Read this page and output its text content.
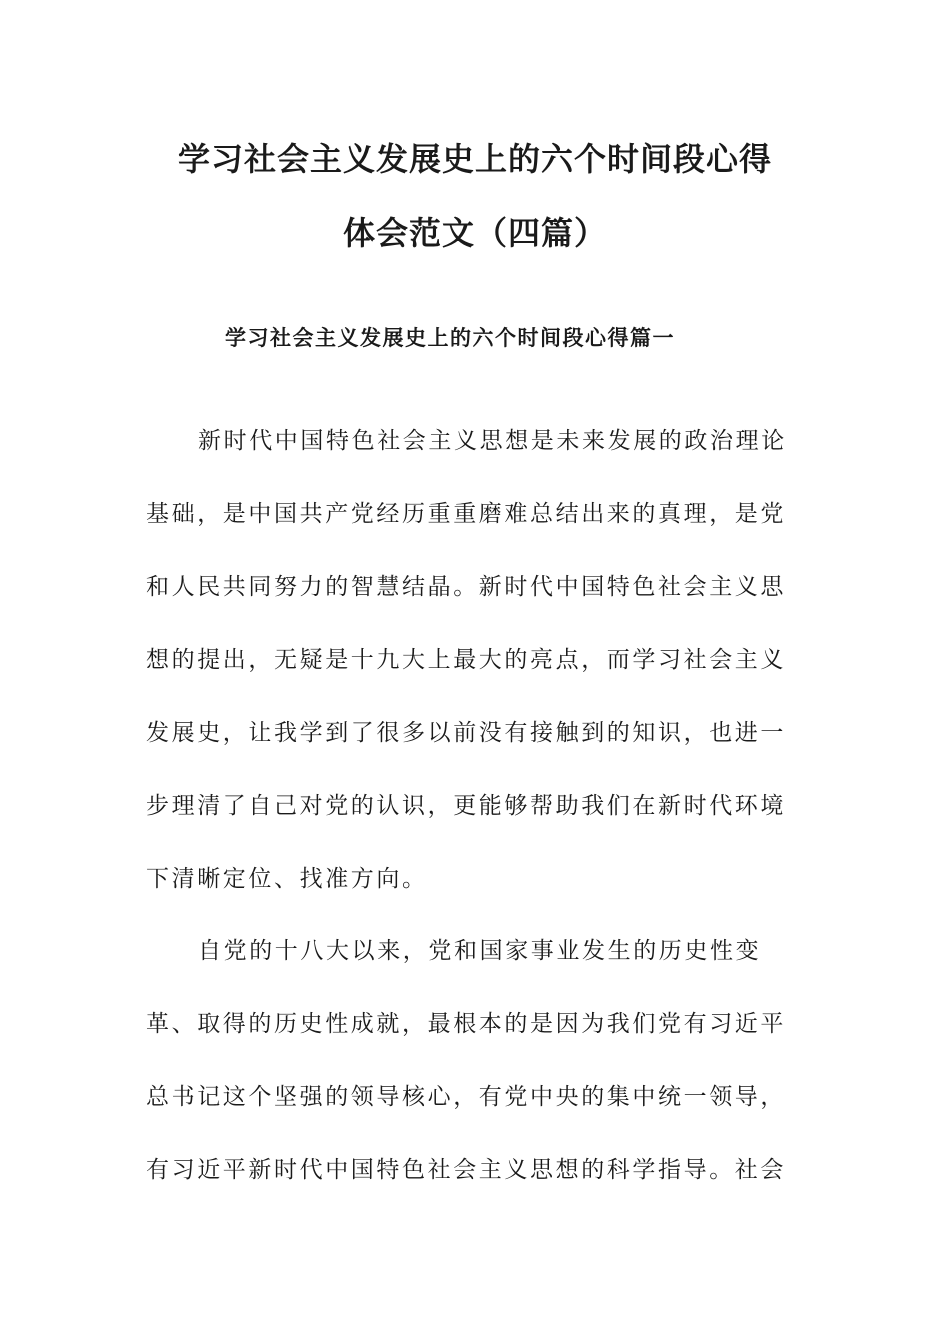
学习社会主义发展史上的六个时间段心得
体会范文（四篇）
学习社会主义发展史上的六个时间段心得篇一
新时代中国特色社会主义思想是未来发展的政治理论
基础，是中国共产党经历重重磨难总结出来的真理，是党
和人民共同努力的智慧结晶。新时代中国特色社会主义思
想的提出，无疑是十九大上最大的亮点，而学习社会主义
发展史，让我学到了很多以前没有接触到的知识，也进一
步理清了自己对党的认识，更能够帮助我们在新时代环境
下清晰定位、找准方向。
自党的十八大以来，党和国家事业发生的历史性变
革、取得的历史性成就，最根本的是因为我们党有习近平
总书记这个坚强的领导核心，有党中央的集中统一领导，
有习近平新时代中国特色社会主义思想的科学指导。社会
